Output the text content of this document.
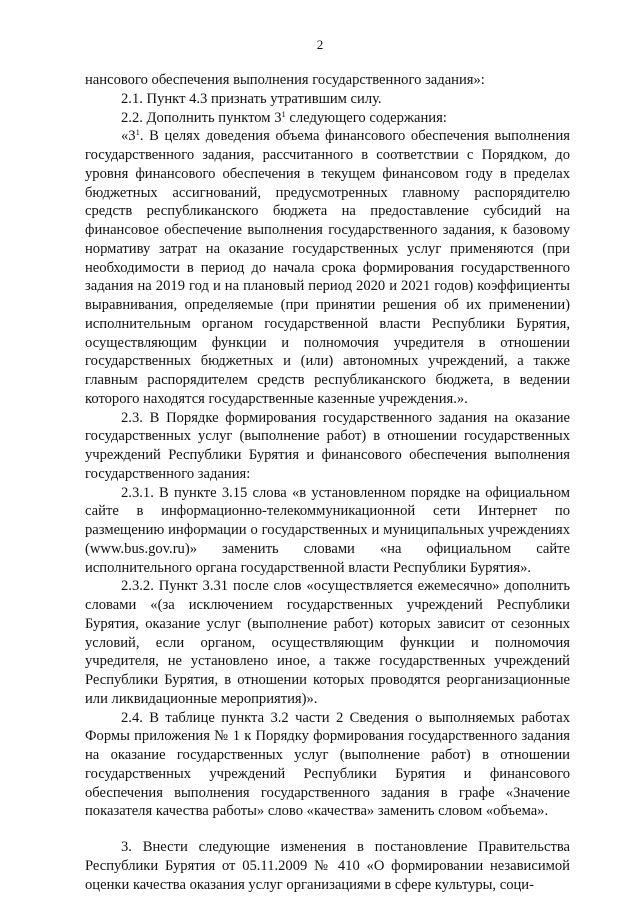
2

нансового обеспечения выполнения государственного задания»:

2.1. Пункт 4.3 признать утратившим силу.

2.2. Дополнить пунктом $3^1$ следующего содержания:

«$3^1$. В целях доведения объема финансового обеспечения выполнения государственного задания, рассчитанного в соответствии с Порядком, до уровня финансового обеспечения в текущем финансовом году в пределах бюджетных ассигнований, предусмотренных главному распорядителю средств республиканского бюджета на предоставление субсидий на финансовое обеспечение выполнения государственного задания, к базовому нормативу затрат на оказание государственных услуг применяются (при необходимости в период до начала срока формирования государственного задания на 2019 год и на плановый период 2020 и 2021 годов) коэффициенты выравнивания, определяемые (при принятии решения об их применении) исполнительным органом государственной власти Республики Бурятия, осуществляющим функции и полномочия учредителя в отношении государственных бюджетных и (или) автономных учреждений, а также главным распорядителем средств республиканского бюджета, в ведении которого находятся государственные казенные учреждения.».

2.3. В Порядке формирования государственного задания на оказание государственных услуг (выполнение работ) в отношении государственных учреждений Республики Бурятия и финансового обеспечения выполнения государственного задания:

2.3.1. В пункте 3.15 слова «в установленном порядке на официальном сайте в информационно-телекоммуникационной сети Интернет по размещению информации о государственных и муниципальных учреждениях (www.bus.gov.ru)» заменить словами «на официальном сайте исполнительного органа государственной власти Республики Бурятия».

2.3.2. Пункт 3.31 после слов «осуществляется ежемесячно» дополнить словами «(за исключением государственных учреждений Республики Бурятия, оказание услуг (выполнение работ) которых зависит от сезонных условий, если органом, осуществляющим функции и полномочия учредителя, не установлено иное, а также государственных учреждений Республики Бурятия, в отношении которых проводятся реорганизационные или ликвидационные мероприятия)».

2.4. В таблице пункта 3.2 части 2 Сведения о выполняемых работах Формы приложения № 1 к Порядку формирования государственного задания на оказание государственных услуг (выполнение работ) в отношении государственных учреждений Республики Бурятия и финансового обеспечения выполнения государственного задания в графе «Значение показателя качества работы» слово «качества» заменить словом «объема».

3. Внести следующие изменения в постановление Правительства Республики Бурятия от 05.11.2009 № 410 «О формировании независимой оценки качества оказания услуг организациями в сфере культуры, соци-
